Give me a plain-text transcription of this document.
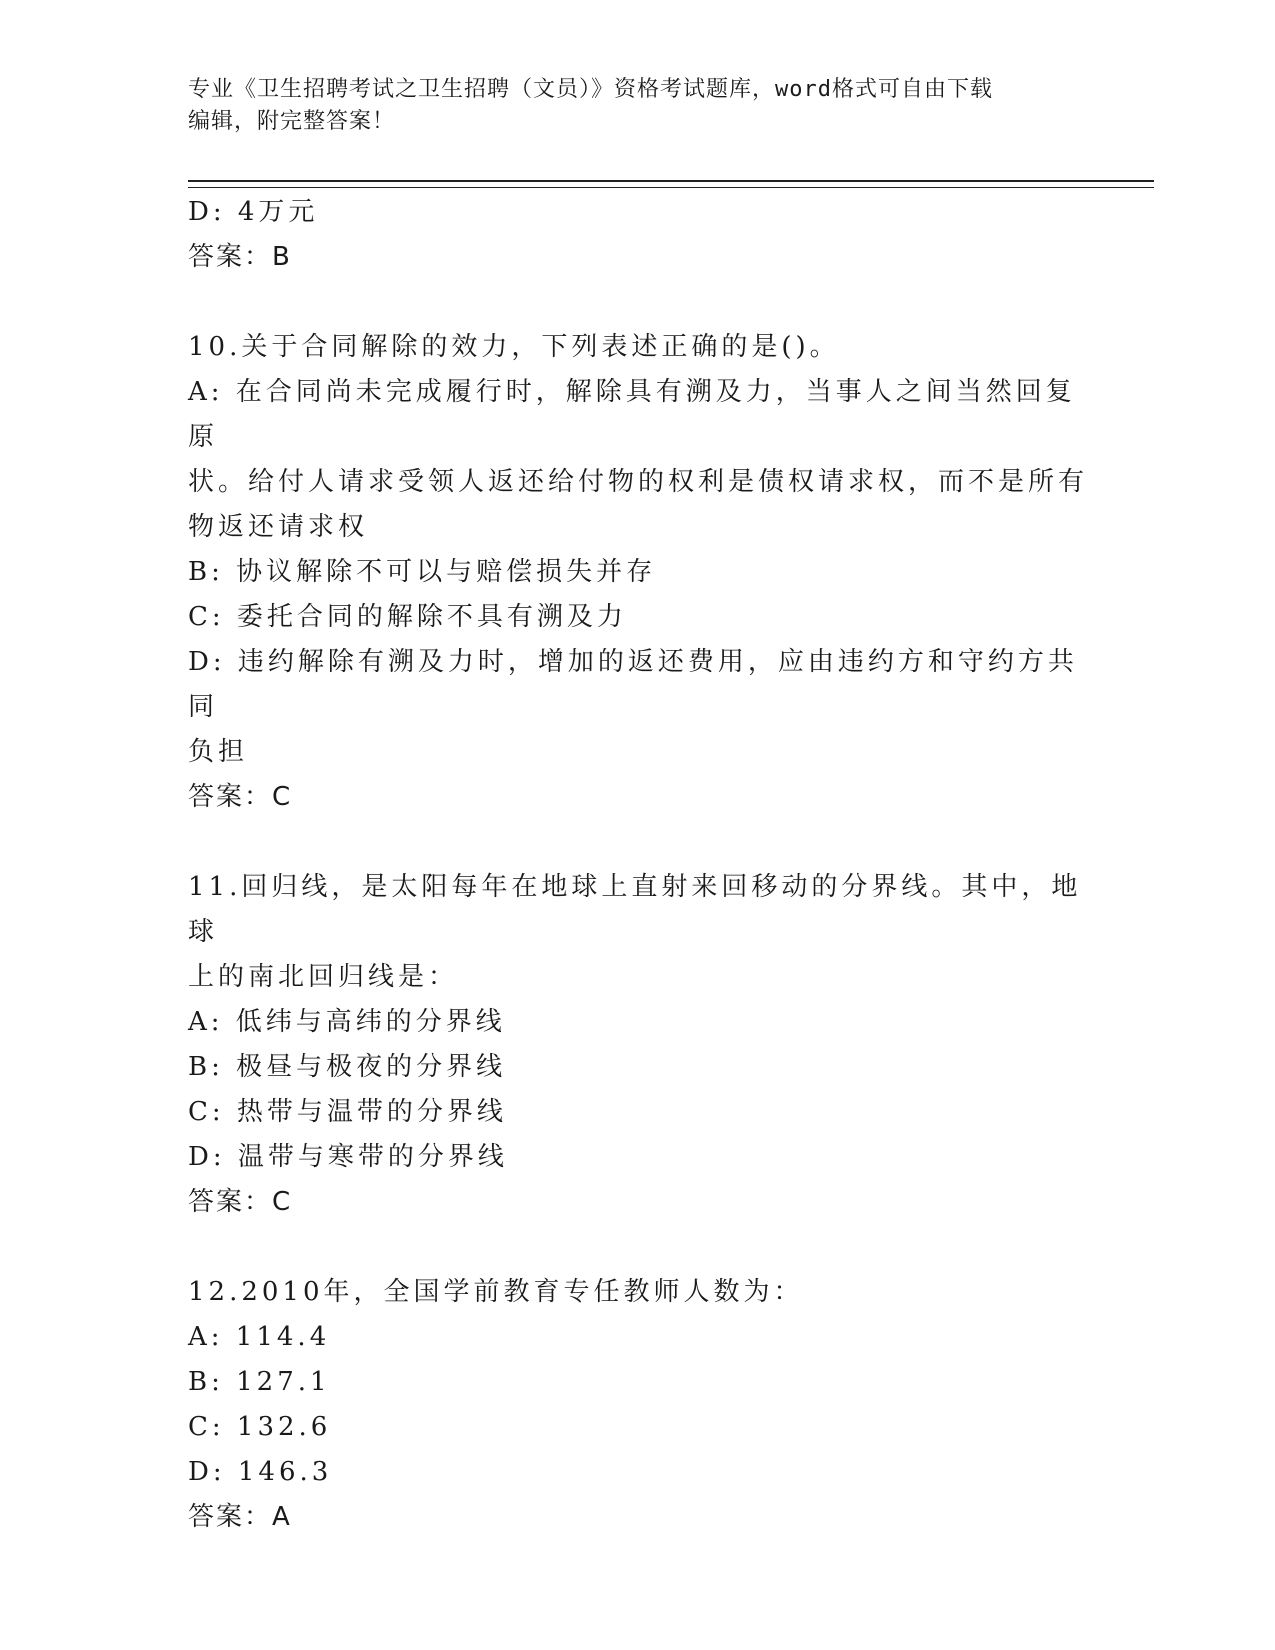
专业《卫生招聘考试之卫生招聘（文员）》资格考试题库，word格式可自由下载
编辑，附完整答案！

D: 4万元

答案：B

10.关于合同解除的效力，下列表述正确的是()。

A: 在合同尚未完成履行时，解除具有溯及力，当事人之间当然回复原

状。给付人请求受领人返还给付物的权利是债权请求权，而不是所有

物返还请求权

B: 协议解除不可以与赔偿损失并存

C: 委托合同的解除不具有溯及力

D: 违约解除有溯及力时，增加的返还费用，应由违约方和守约方共同

负担

答案：C

11.回归线，是太阳每年在地球上直射来回移动的分界线。其中，地球

上的南北回归线是：

A: 低纬与高纬的分界线

B: 极昼与极夜的分界线

C: 热带与温带的分界线

D: 温带与寒带的分界线

答案：C

12.2010年，全国学前教育专任教师人数为：

A: 114.4

B: 127.1

C: 132.6

D: 146.3

答案：A
